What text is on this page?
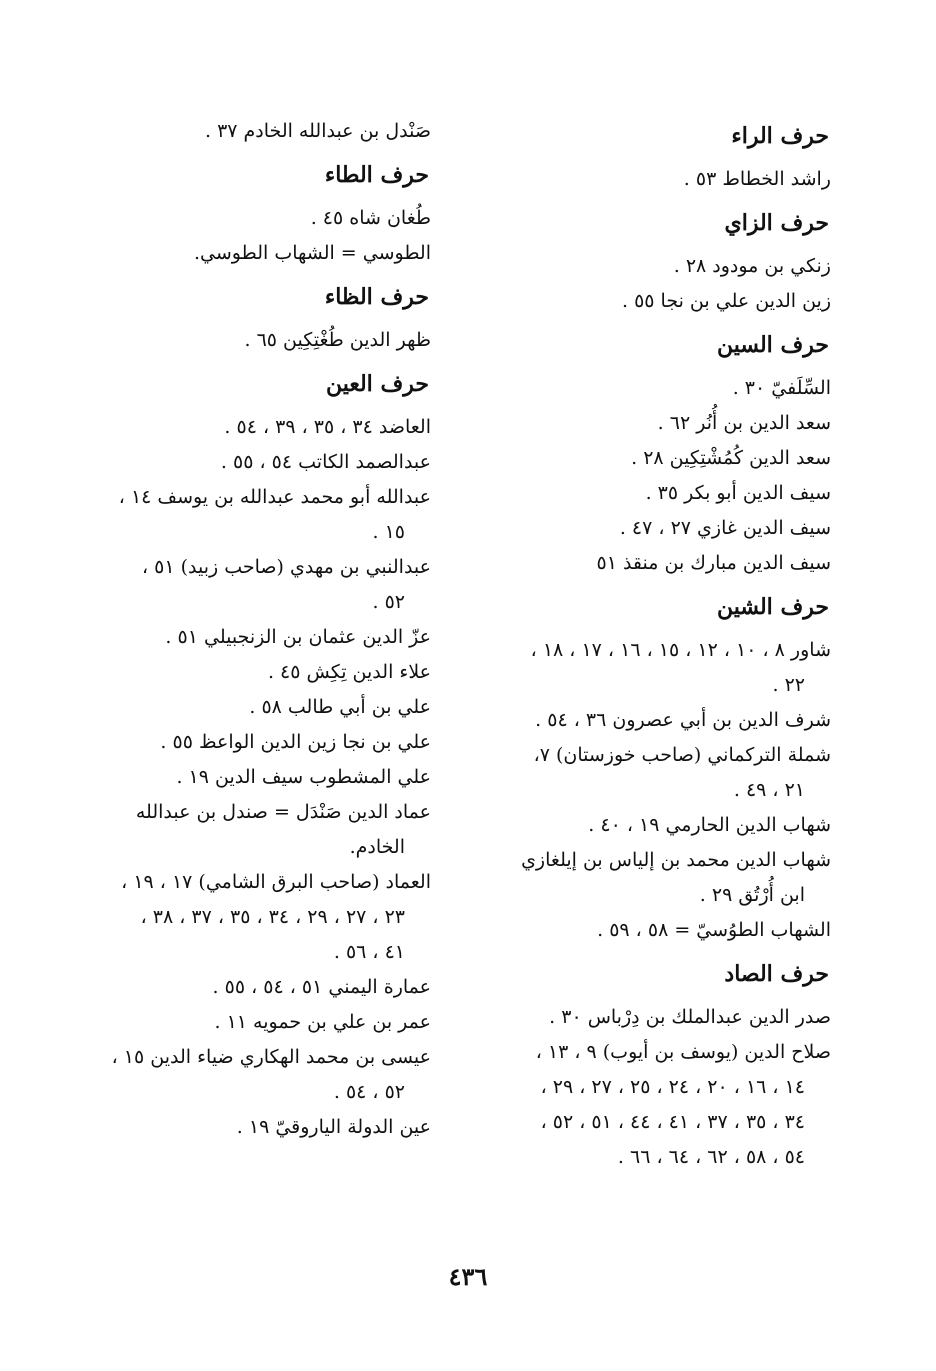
حرف الراء
راشد الخطاط ٥٣ .
حرف الزاي
زنكي بن مودود ٢٨ .
زين الدين علي بن نجا ٥٥ .
حرف السين
السِّلَفيّ ٣٠ .
سعد الدين بن أُنُر ٦٢ .
سعد الدين كُمُشْتِكِين ٢٨ .
سيف الدين أبو بكر ٣٥ .
سيف الدين غازي ٢٧ ، ٤٧ .
سيف الدين مبارك بن منقذ ٥١
حرف الشين
شاور ٨ ، ١٠ ، ١٢ ، ١٥ ، ١٦ ، ١٧ ، ١٨ ،
٢٢ .
شرف الدين بن أبي عصرون ٣٦ ، ٥٤ .
شملة التركماني (صاحب خوزستان) ٧،
٢١ ، ٤٩ .
شهاب الدين الحارمي ١٩ ، ٤٠ .
شهاب الدين محمد بن إلياس بن إيلغازي
ابن أُرْتُق ٢٩ .
الشهاب الطوُسيّ = ٥٨ ، ٥٩ .
حرف الصاد
صدر الدين عبدالملك بن دِرْباس ٣٠ .
صلاح الدين (يوسف بن أيوب) ٩ ، ١٣ ،
١٤ ، ١٦ ، ٢٠ ، ٢٤ ، ٢٥ ، ٢٧ ، ٢٩ ،
٣٤ ، ٣٥ ، ٣٧ ، ٤١ ، ٤٤ ، ٥١ ، ٥٢ ،
٥٤ ، ٥٨ ، ٦٢ ، ٦٤ ، ٦٦ .
صَنْدل بن عبدالله الخادم ٣٧ .
حرف الطاء
طُغان شاه ٤٥ .
الطوسي = الشهاب الطوسي.
حرف الظاء
ظهر الدين طُغْتِكِين ٦٥ .
حرف العين
العاضد ٣٤ ، ٣٥ ، ٣٩ ، ٥٤ .
عبدالصمد الكاتب ٥٤ ، ٥٥ .
عبدالله أبو محمد عبدالله بن يوسف ١٤ ،
١٥ .
عبدالنبي بن مهدي (صاحب زبيد) ٥١ ،
٥٢ .
عزّ الدين عثمان بن الزنجبيلي ٥١ .
علاء الدين تِكِش ٤٥ .
علي بن أبي طالب ٥٨ .
علي بن نجا زين الدين الواعظ ٥٥ .
علي المشطوب سيف الدين ١٩ .
عماد الدين صَنْدَل = صندل بن عبدالله
الخادم.
العماد (صاحب البرق الشامي) ١٧ ، ١٩ ،
٢٣ ، ٢٧ ، ٢٩ ، ٣٤ ، ٣٥ ، ٣٧ ، ٣٨ ،
٤١ ، ٥٦ .
عمارة اليمني ٥١ ، ٥٤ ، ٥٥ .
عمر بن علي بن حمويه ١١ .
عيسى بن محمد الهكاري ضياء الدين ١٥ ،
٥٢ ، ٥٤ .
عين الدولة الياروقيّ ١٩ .
٤٣٦
